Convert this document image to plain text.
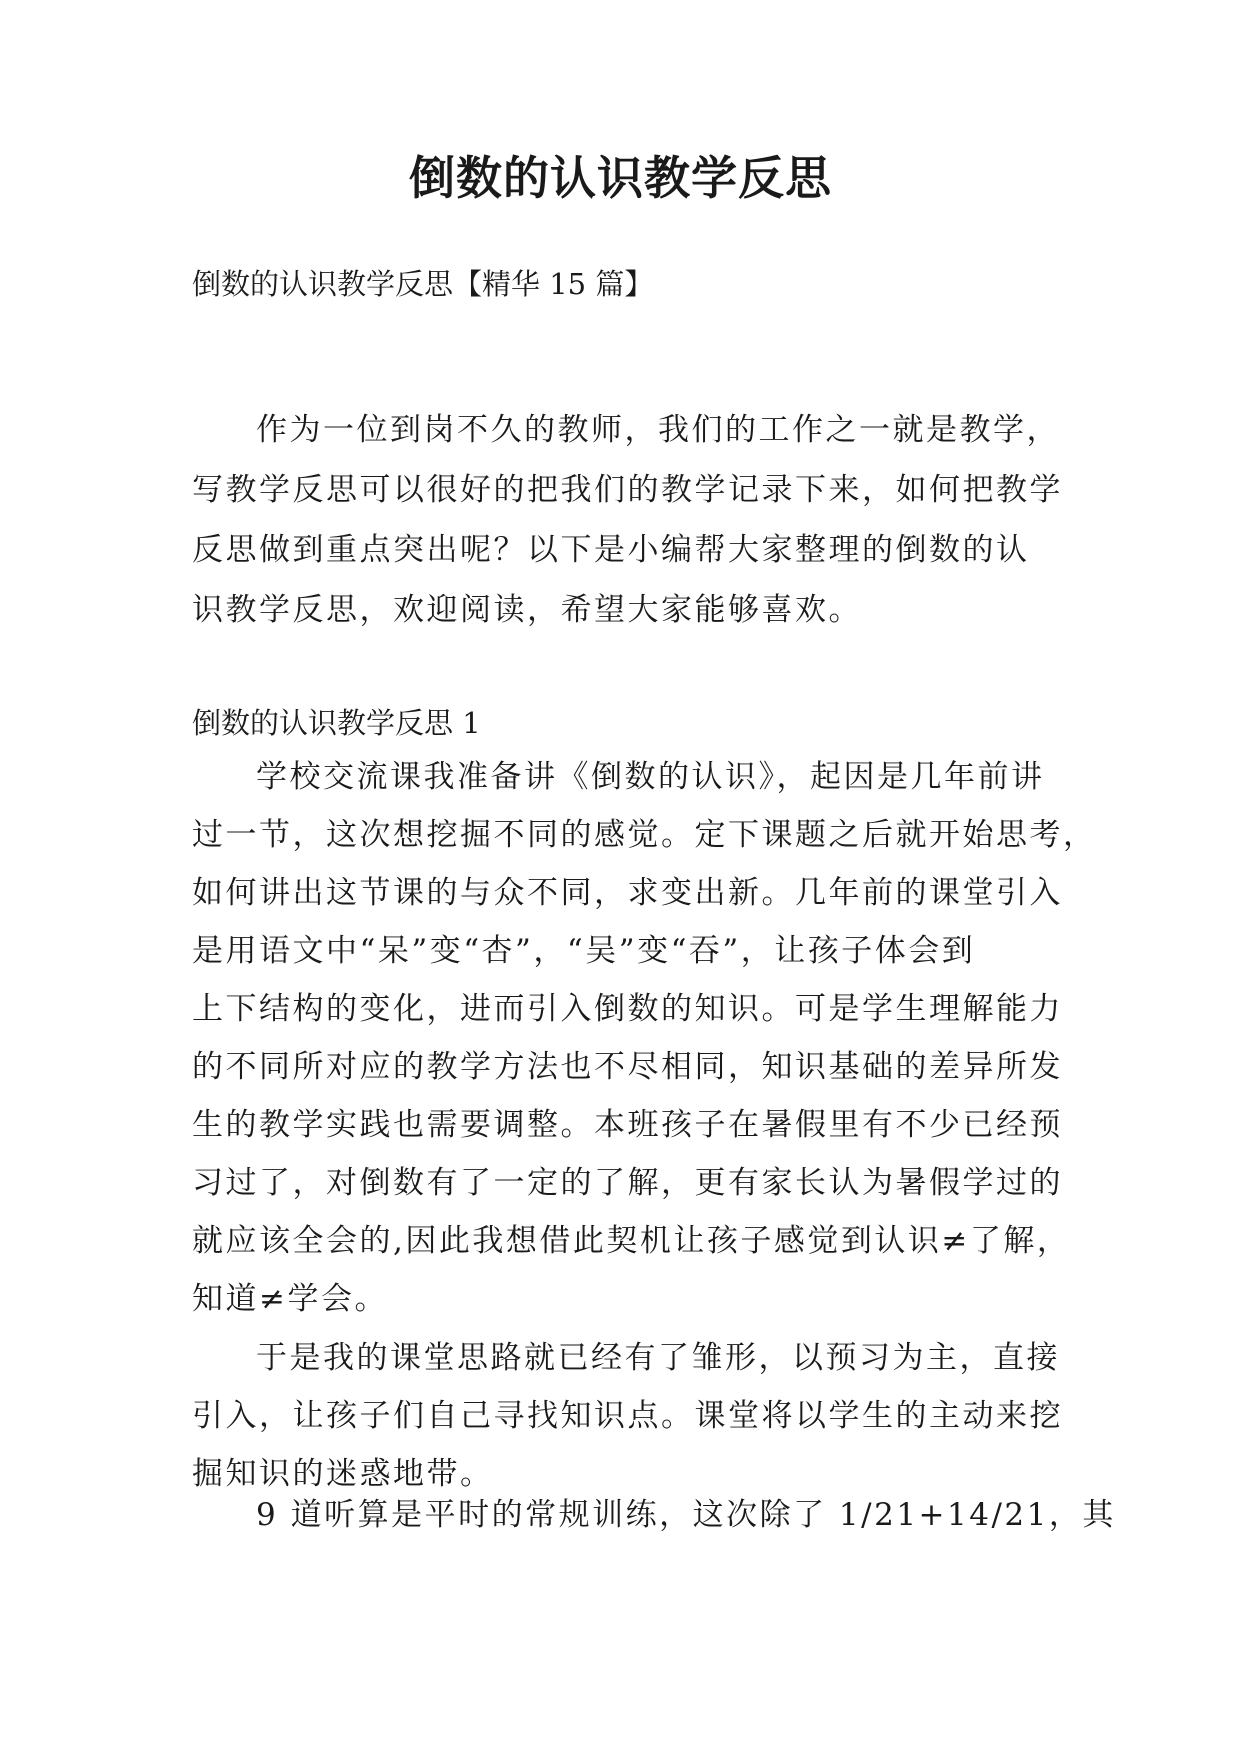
倒数的认识教学反思

倒数的认识教学反思【精华 15 篇】

作为一位到岗不久的教师，我们的工作之一就是教学，
写教学反思可以很好的把我们的教学记录下来，如何把教学
反思做到重点突出呢？以下是小编帮大家整理的倒数的认
识教学反思，欢迎阅读，希望大家能够喜欢。

倒数的认识教学反思 1

学校交流课我准备讲《倒数的认识》，起因是几年前讲
过一节，这次想挖掘不同的感觉。定下课题之后就开始思考，
如何讲出这节课的与众不同，求变出新。几年前的课堂引入
是用语文中“呆”变“杏”，“吴”变“吞”，让孩子体会到
上下结构的变化，进而引入倒数的知识。可是学生理解能力
的不同所对应的教学方法也不尽相同，知识基础的差异所发
生的教学实践也需要调整。本班孩子在暑假里有不少已经预
习过了，对倒数有了一定的了解，更有家长认为暑假学过的
就应该全会的,因此我想借此契机让孩子感觉到认识≠了解，
知道≠学会。
于是我的课堂思路就已经有了雏形，以预习为主，直接
引入，让孩子们自己寻找知识点。课堂将以学生的主动来挖
掘知识的迷惑地带。
9 道听算是平时的常规训练，这次除了 1/21+14/21，其
